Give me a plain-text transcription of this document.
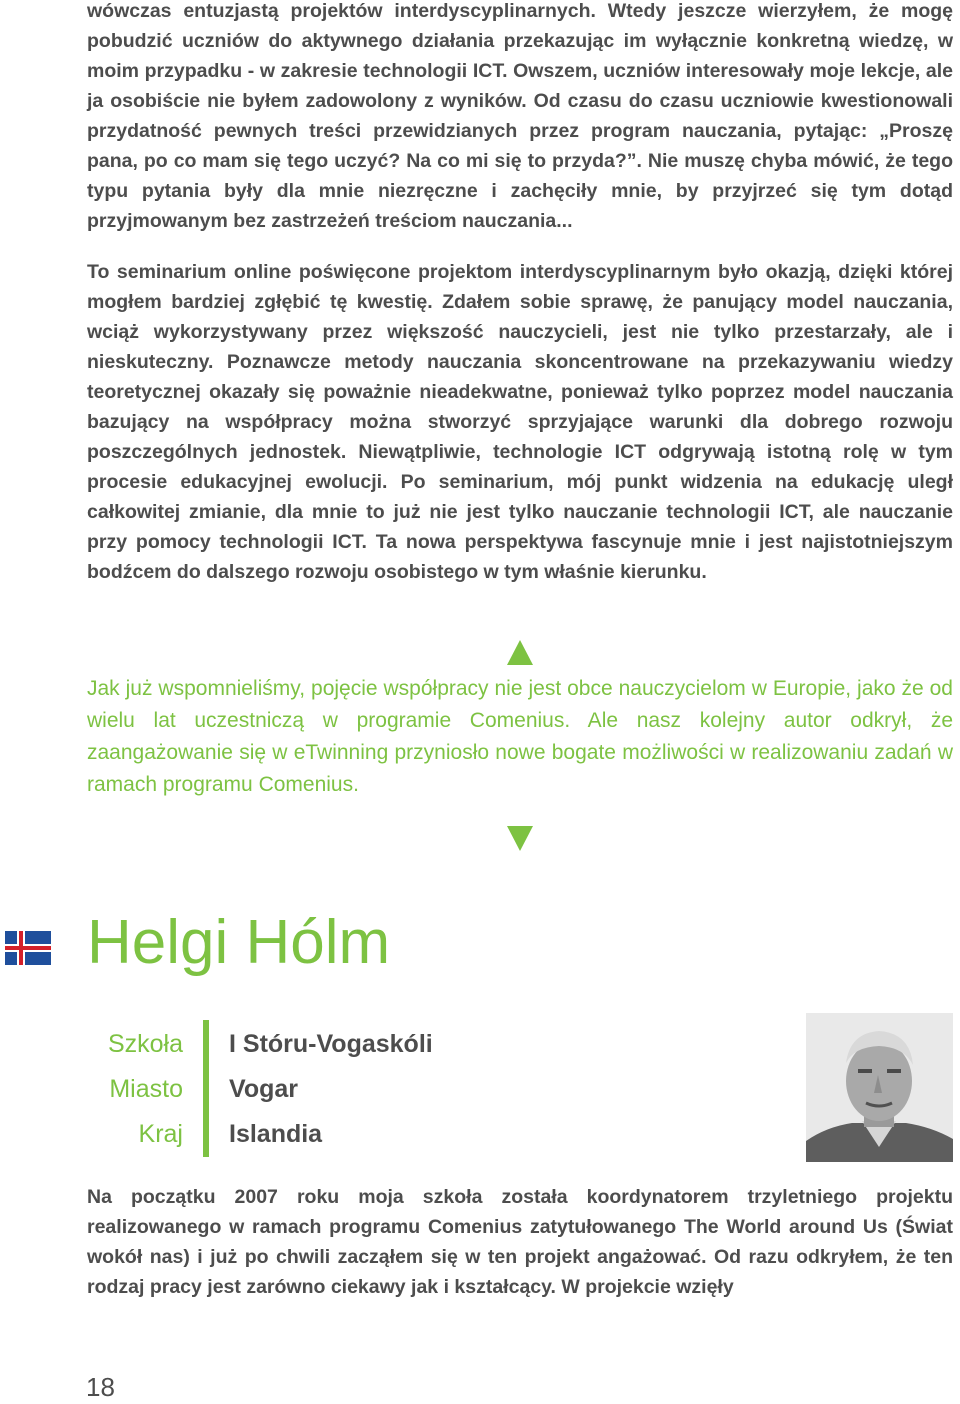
wówczas entuzjastą projektów interdyscyplinarnych. Wtedy jeszcze wierzyłem, że mogę pobudzić uczniów do aktywnego działania przekazując im wyłącznie konkretną wiedzę, w moim przypadku - w zakresie technologii ICT. Owszem, uczniów interesowały moje lekcje, ale ja osobiście nie byłem zadowolony z wyników. Od czasu do czasu uczniowie kwestionowali przydatność pewnych treści przewidzianych przez program nauczania, pytając: „Proszę pana, po co mam się tego uczyć? Na co mi się to przyda?”. Nie muszę chyba mówić, że tego typu pytania były dla mnie niezręczne i zachęciły mnie, by przyjrzeć się tym dotąd przyjmowanym bez zastrzeżeń treściom nauczania...

To seminarium online poświęcone projektom interdyscyplinarnym było okazją, dzięki której mogłem bardziej zgłębić tę kwestię. Zdałem sobie sprawę, że panujący model nauczania, wciąż wykorzystywany przez większość nauczycieli, jest nie tylko przestarzały, ale i nieskuteczny. Poznawcze metody nauczania skoncentrowane na przekazywaniu wiedzy teoretycznej okazały się poważnie nieadekwatne, ponieważ tylko poprzez model nauczania bazujący na współpracy można stworzyć sprzyjające warunki dla dobrego rozwoju poszczególnych jednostek. Niewątpliwie, technologie ICT odgrywają istotną rolę w tym procesie edukacyjnej ewolucji. Po seminarium, mój punkt widzenia na edukację uległ całkowitej zmianie, dla mnie to już nie jest tylko nauczanie technologii ICT, ale nauczanie przy pomocy technologii ICT. Ta nowa perspektywa fascynuje mnie i jest najistotniejszym bodźcem do dalszego rozwoju osobistego w tym właśnie kierunku.

Jak już wspomnieliśmy, pojęcie współpracy nie jest obce nauczycielom w Europie, jako że od wielu lat uczestniczą w programie Comenius. Ale nasz kolejny autor odkrył, że zaangażowanie się w eTwinning przyniosło nowe bogate możliwości w realizowaniu zadań w ramach programu Comenius.

Helgi Hólm
Szkoła
Miasto
Kraj
I Stóru-Vogaskóli
Vogar
Islandia

Na początku 2007 roku moja szkoła została koordynatorem trzyletniego projektu realizowanego w ramach programu Comenius zatytułowanego The World around Us (Świat wokół nas) i już po chwili zacząłem się w ten projekt angażować. Od razu odkryłem, że ten rodzaj pracy jest zarówno ciekawy jak i kształcący. W projekcie wzięły

18
